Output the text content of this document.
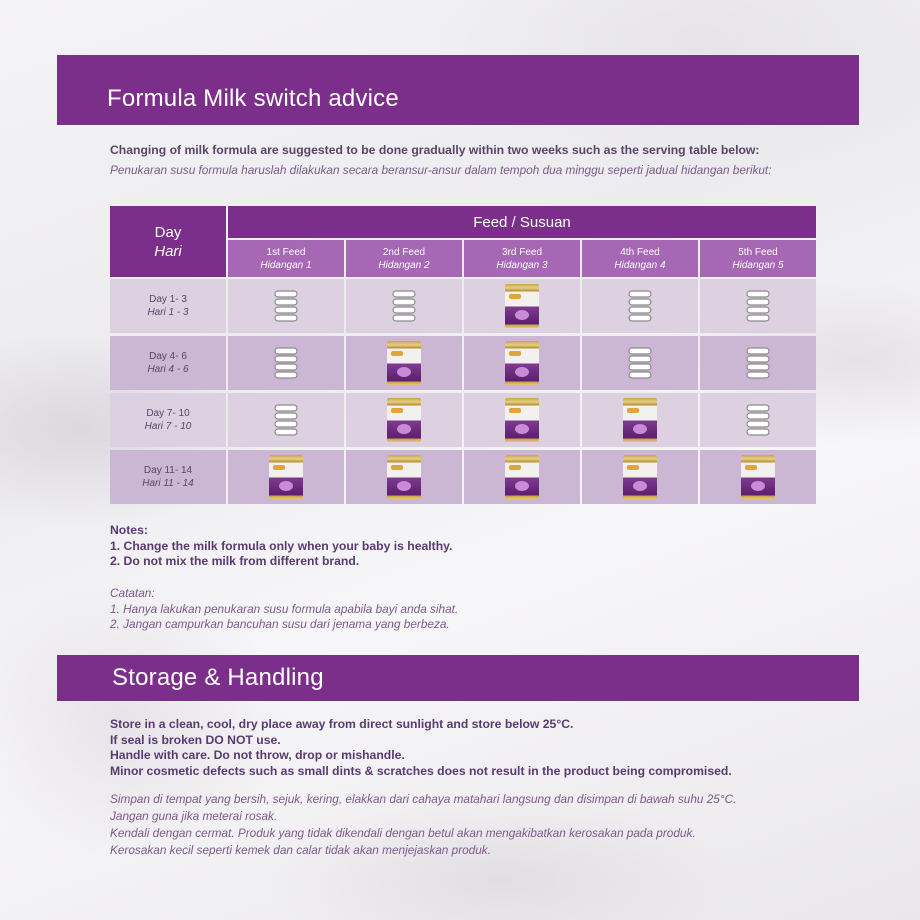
Formula Milk switch advice
Changing of milk formula are suggested to be done gradually within two weeks such as the serving table below:
Penukaran susu formula haruslah dilakukan secara beransur-ansur dalam tempoh dua minggu seperti jadual hidangan berikut:
Day
Hari
Feed / Susuan
1st Feed
Hidangan 1
2nd Feed
Hidangan 2
3rd Feed
Hidangan 3
4th Feed
Hidangan 4
5th Feed
Hidangan 5
Day 1- 3
Hari 1 - 3
Day 4- 6
Hari 4 - 6
Day 7- 10
Hari 7 - 10
Day 11- 14
Hari 11 - 14
Notes:
1. Change the milk formula only when your baby is healthy.
2. Do not mix the milk from different brand.
Catatan:
1. Hanya lakukan penukaran susu formula apabila bayi anda sihat.
2. Jangan campurkan bancuhan susu dari jenama yang berbeza.
Storage & Handling
Store in a clean, cool, dry place away from direct sunlight and store below 25°C.
If seal is broken DO NOT use.
Handle with care. Do not throw, drop or mishandle.
Minor cosmetic defects such as small dints & scratches does not result in the product being compromised.
Simpan di tempat yang bersih, sejuk, kering, elakkan dari cahaya matahari langsung dan disimpan di bawah suhu 25°C.
Jangan guna jika meterai rosak.
Kendali dengan cermat. Produk yang tidak dikendali dengan betul akan mengakibatkan kerosakan pada produk.
Kerosakan kecil seperti kemek dan calar tidak akan menjejaskan produk.
